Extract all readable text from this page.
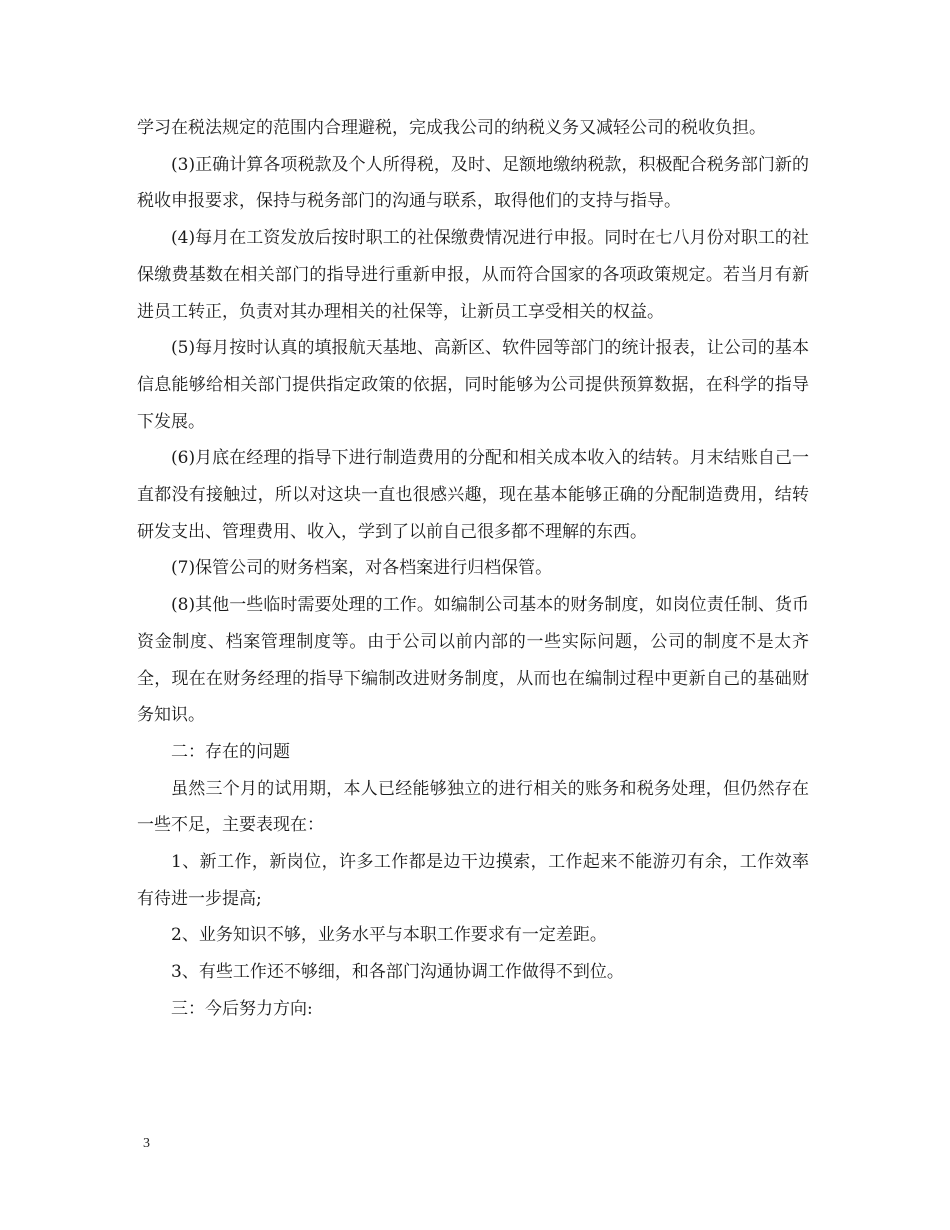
学习在税法规定的范围内合理避税，完成我公司的纳税义务又减轻公司的税收负担。

(3)正确计算各项税款及个人所得税，及时、足额地缴纳税款，积极配合税务部门新的税收申报要求，保持与税务部门的沟通与联系，取得他们的支持与指导。

(4)每月在工资发放后按时职工的社保缴费情况进行申报。同时在七八月份对职工的社保缴费基数在相关部门的指导进行重新申报，从而符合国家的各项政策规定。若当月有新进员工转正，负责对其办理相关的社保等，让新员工享受相关的权益。

(5)每月按时认真的填报航天基地、高新区、软件园等部门的统计报表，让公司的基本信息能够给相关部门提供指定政策的依据，同时能够为公司提供预算数据，在科学的指导下发展。

(6)月底在经理的指导下进行制造费用的分配和相关成本收入的结转。月末结账自己一直都没有接触过，所以对这块一直也很感兴趣，现在基本能够正确的分配制造费用，结转研发支出、管理费用、收入，学到了以前自己很多都不理解的东西。

(7)保管公司的财务档案，对各档案进行归档保管。

(8)其他一些临时需要处理的工作。如编制公司基本的财务制度，如岗位责任制、货币资金制度、档案管理制度等。由于公司以前内部的一些实际问题，公司的制度不是太齐全，现在在财务经理的指导下编制改进财务制度，从而也在编制过程中更新自己的基础财务知识。

二：存在的问题

虽然三个月的试用期，本人已经能够独立的进行相关的账务和税务处理，但仍然存在一些不足，主要表现在：

1、新工作，新岗位，许多工作都是边干边摸索，工作起来不能游刃有余，工作效率有待进一步提高;

2、业务知识不够，业务水平与本职工作要求有一定差距。

3、有些工作还不够细，和各部门沟通协调工作做得不到位。

三：今后努力方向:

3
